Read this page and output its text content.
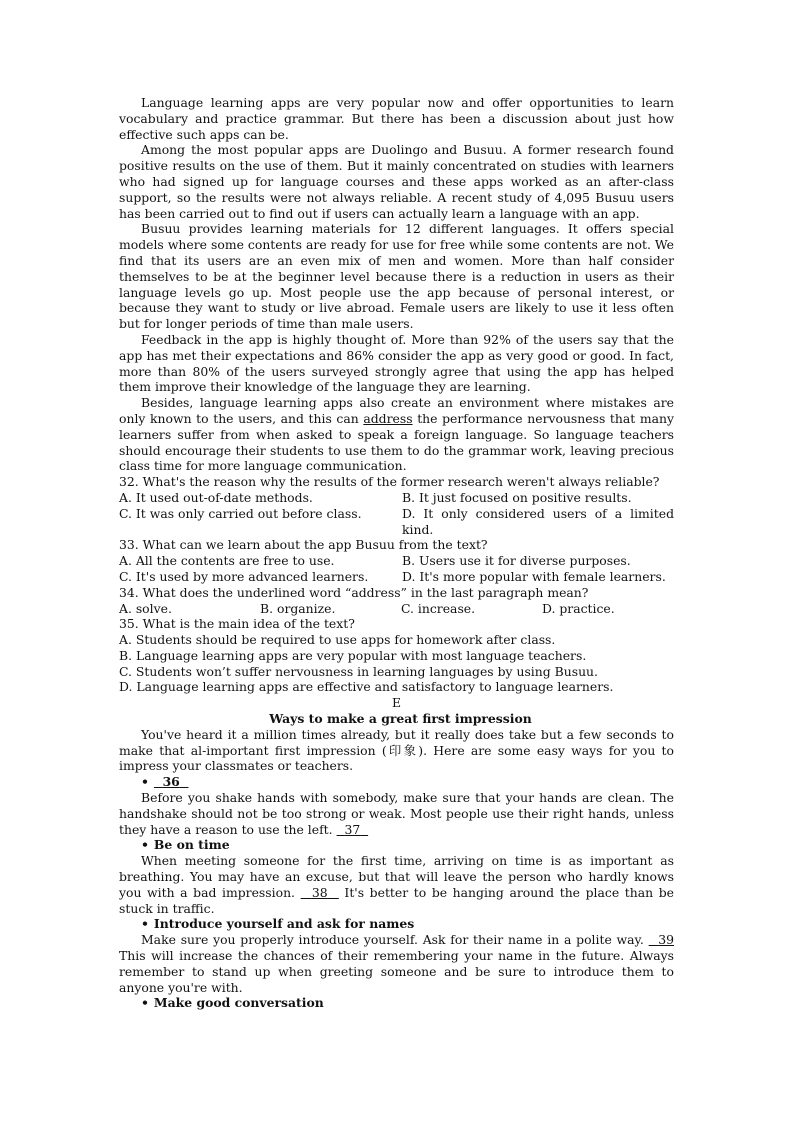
Language learning apps are very popular now and offer opportunities to learn vocabulary and practice grammar. But there has been a discussion about just how effective such apps can be.

Among the most popular apps are Duolingo and Busuu. A former research found positive results on the use of them. But it mainly concentrated on studies with learners who had signed up for language courses and these apps worked as an after-class support, so the results were not always reliable. A recent study of 4,095 Busuu users has been carried out to find out if users can actually learn a language with an app.

Busuu provides learning materials for 12 different languages. It offers special models where some contents are ready for use for free while some contents are not. We find that its users are an even mix of men and women. More than half consider themselves to be at the beginner level because there is a reduction in users as their language levels go up. Most people use the app because of personal interest, or because they want to study or live abroad. Female users are likely to use it less often but for longer periods of time than male users.

Feedback in the app is highly thought of. More than 92% of the users say that the app has met their expectations and 86% consider the app as very good or good. In fact, more than 80% of the users surveyed strongly agree that using the app has helped them improve their knowledge of the language they are learning.

Besides, language learning apps also create an environment where mistakes are only known to the users, and this can address the performance nervousness that many learners suffer from when asked to speak a foreign language. So language teachers should encourage their students to use them to do the grammar work, leaving precious class time for more language communication.

32. What's the reason why the results of the former research weren't always reliable?

A. It used out-of-date methods.	B. It just focused on positive results.
C. It was only carried out before class.	D. It only considered users of a limited kind.

33. What can we learn about the app Busuu from the text?

A. All the contents are free to use.	B. Users use it for diverse purposes.
C. It's used by more advanced learners.	D. It's more popular with female learners.

34. What does the underlined word “address” in the last paragraph mean?

A. solve.	B. organize.	C. increase.	D. practice.

35. What is the main idea of the text?

A. Students should be required to use apps for homework after class.

B. Language learning apps are very popular with most language teachers.

C. Students won’t suffer nervousness in learning languages by using Busuu.

D. Language learning apps are effective and satisfactory to language learners.

E

Ways to make a great first impression

You've heard it a million times already, but it really does take but a few seconds to make that al-important first impression (印象). Here are some easy ways for you to impress your classmates or teachers.

• 36

Before you shake hands with somebody, make sure that your hands are clean. The handshake should not be too strong or weak. Most people use their right hands, unless they have a reason to use the left.   37

• Be on time

When meeting someone for the first time, arriving on time is as important as breathing. You may have an excuse, but that will leave the person who hardly knows you with a bad impression.   38   It's better to be hanging around the place than be stuck in traffic.

• Introduce yourself and ask for names

Make sure you properly introduce yourself. Ask for their name in a polite way.   39 This will increase the chances of their remembering your name in the future. Always remember to stand up when greeting someone and be sure to introduce them to anyone you're with.

• Make good conversation
